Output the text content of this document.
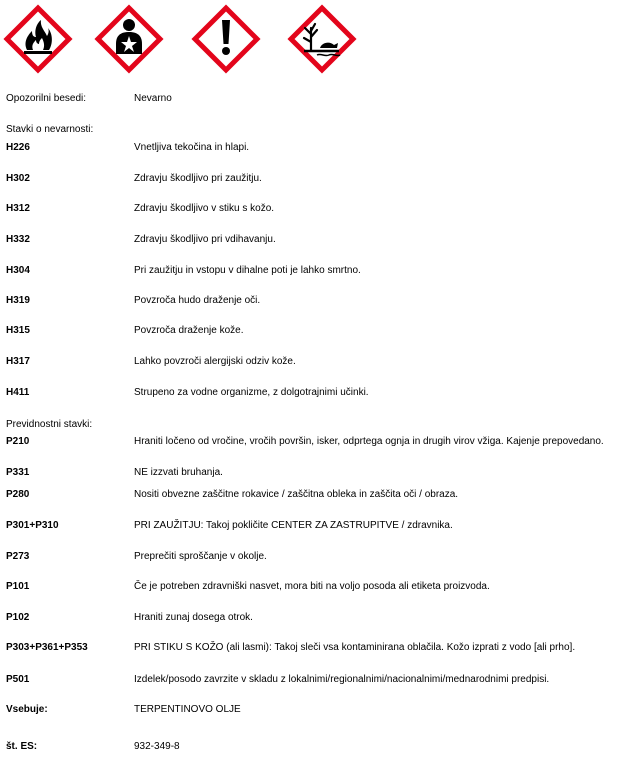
Opozorilni besedi:	Nevarno
Stavki o nevarnosti:
H226	Vnetljiva tekočina in hlapi.
H302	Zdravju škodljivo pri zaužitju.
H312	Zdravju škodljivo v stiku s kožo.
H332	Zdravju škodljivo pri vdihavanju.
H304	Pri zaužitju in vstopu v dihalne poti je lahko smrtno.
H319	Povzroča hudo draženje oči.
H315	Povzroča draženje kože.
H317	Lahko povzroči alergijski odziv kože.
H411	Strupeno za vodne organizme, z dolgotrajnimi učinki.
Previdnostni stavki:
P210	Hraniti ločeno od vročine, vročih površin, isker, odprtega ognja in drugih virov vžiga. Kajenje prepovedano.
P331	NE izzvati bruhanja.
P280	Nositi obvezne zaščitne rokavice / zaščitna obleka in zaščita oči / obraza.
P301+P310	PRI ZAUŽITJU: Takoj pokličite CENTER ZA ZASTRUPITVE / zdravnika.
P273	Preprečiti sproščanje v okolje.
P101	Če je potreben zdravniški nasvet, mora biti na voljo posoda ali etiketa proizvoda.
P102	Hraniti zunaj dosega otrok.
P303+P361+P353	PRI STIKU S KOŽO (ali lasmi): Takoj sleči vsa kontaminirana oblačila. Kožo izprati z vodo [ali prho].
P501	Izdelek/posodo zavrzite v skladu z lokalnimi/regionalnimi/nacionalnimi/mednarodnimi predpisi.
Vsebuje:	TERPENTINOVO OLJE
št. ES:	932-349-8
